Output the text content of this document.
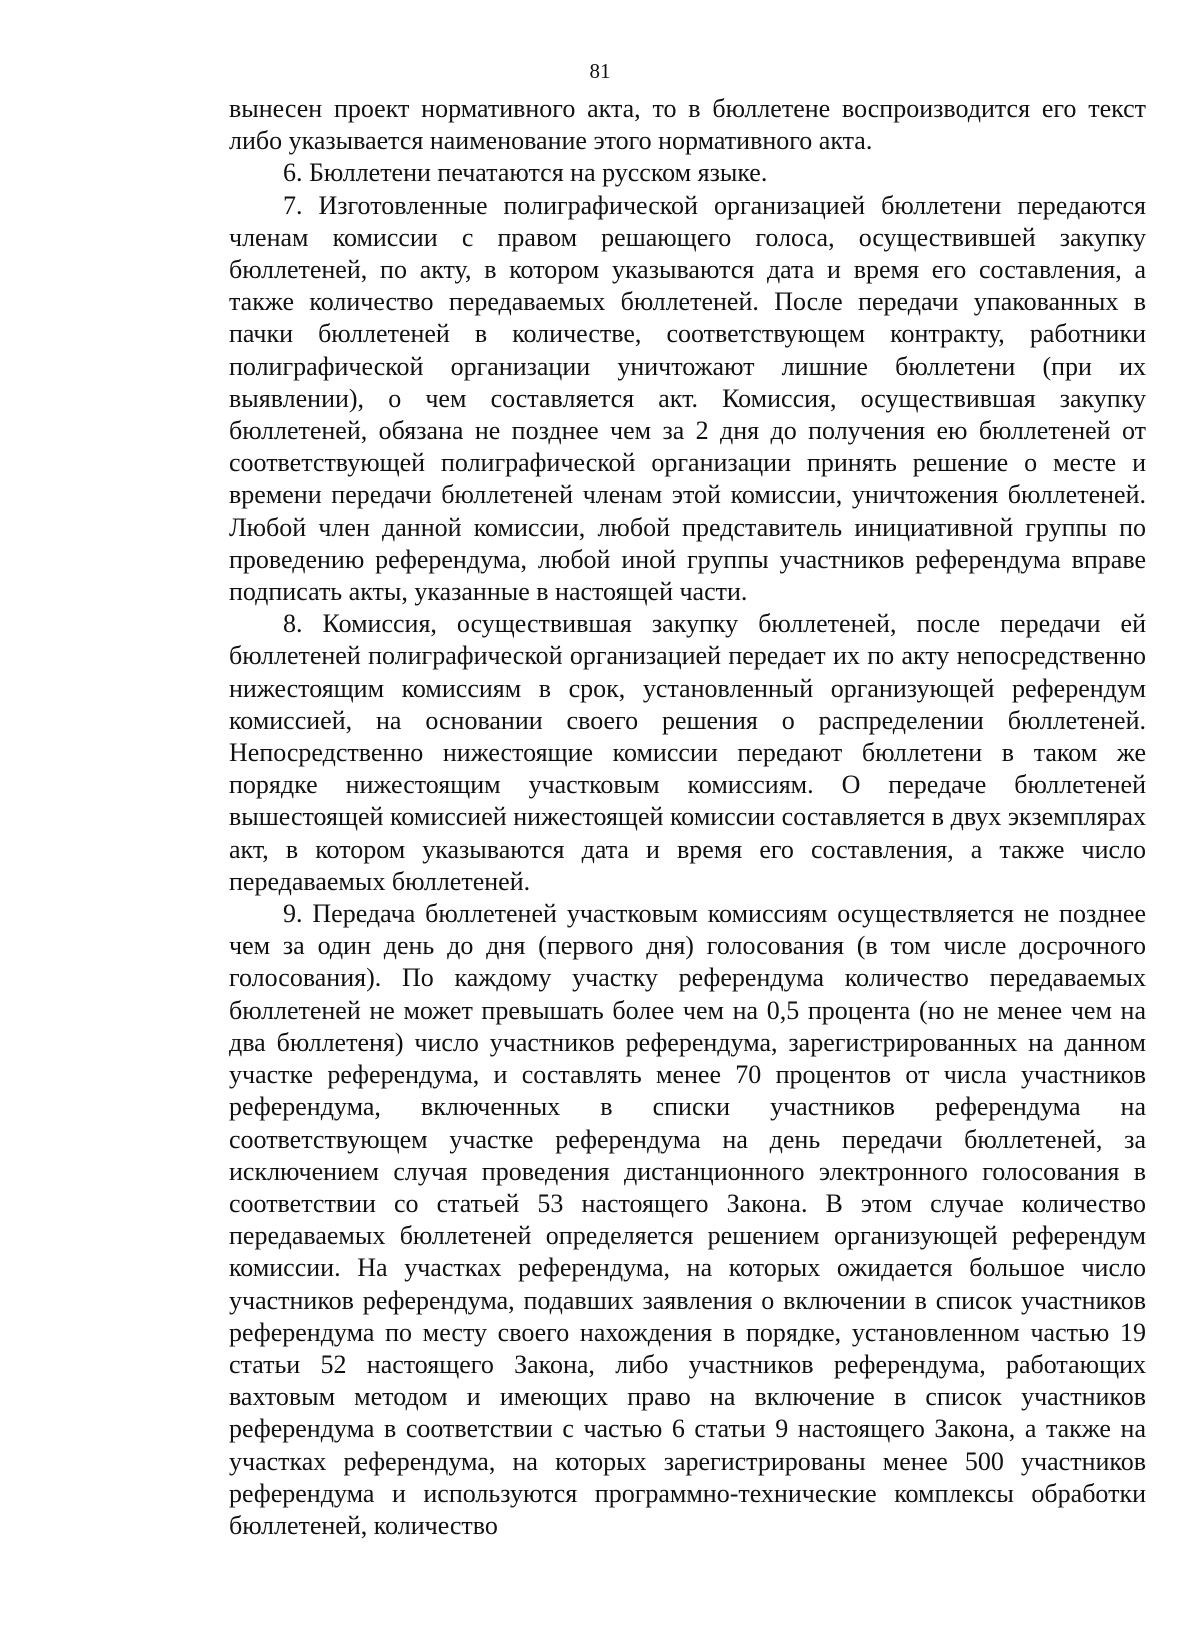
81

вынесен проект нормативного акта, то в бюллетене воспроизводится его текст либо указывается наименование этого нормативного акта.

6. Бюллетени печатаются на русском языке.

7. Изготовленные полиграфической организацией бюллетени передаются членам комиссии с правом решающего голоса, осуществившей закупку бюллетеней, по акту, в котором указываются дата и время его составления, а также количество передаваемых бюллетеней. После передачи упакованных в пачки бюллетеней в количестве, соответствующем контракту, работники полиграфической организации уничтожают лишние бюллетени (при их выявлении), о чем составляется акт. Комиссия, осуществившая закупку бюллетеней, обязана не позднее чем за 2 дня до получения ею бюллетеней от соответствующей полиграфической организации принять решение о месте и времени передачи бюллетеней членам этой комиссии, уничтожения бюллетеней. Любой член данной комиссии, любой представитель инициативной группы по проведению референдума, любой иной группы участников референдума вправе подписать акты, указанные в настоящей части.

8. Комиссия, осуществившая закупку бюллетеней, после передачи ей бюллетеней полиграфической организацией передает их по акту непосредственно нижестоящим комиссиям в срок, установленный организующей референдум комиссией, на основании своего решения о распределении бюллетеней. Непосредственно нижестоящие комиссии передают бюллетени в таком же порядке нижестоящим участковым комиссиям. О передаче бюллетеней вышестоящей комиссией нижестоящей комиссии составляется в двух экземплярах акт, в котором указываются дата и время его составления, а также число передаваемых бюллетеней.

9. Передача бюллетеней участковым комиссиям осуществляется не позднее чем за один день до дня (первого дня) голосования (в том числе досрочного голосования). По каждому участку референдума количество передаваемых бюллетеней не может превышать более чем на 0,5 процента (но не менее чем на два бюллетеня) число участников референдума, зарегистрированных на данном участке референдума, и составлять менее 70 процентов от числа участников референдума, включенных в списки участников референдума на соответствующем участке референдума на день передачи бюллетеней, за исключением случая проведения дистанционного электронного голосования в соответствии со статьей 53 настоящего Закона. В этом случае количество передаваемых бюллетеней определяется решением организующей референдум комиссии. На участках референдума, на которых ожидается большое число участников референдума, подавших заявления о включении в список участников референдума по месту своего нахождения в порядке, установленном частью 19 статьи 52 настоящего Закона, либо участников референдума, работающих вахтовым методом и имеющих право на включение в список участников референдума в соответствии с частью 6 статьи 9 настоящего Закона, а также на участках референдума, на которых зарегистрированы менее 500 участников референдума и используются программно-технические комплексы обработки бюллетеней, количество
